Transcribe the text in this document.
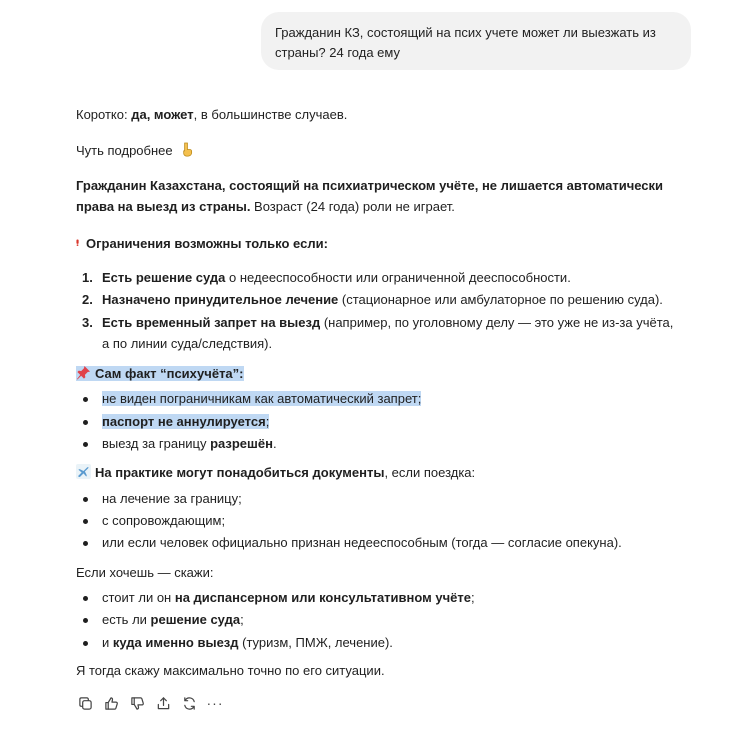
Гражданин КЗ, состоящий на псих учете может ли выезжать из
страны? 24 года ему
Коротко: да, может, в большинстве случаев.
Чуть подробнее
Гражданин Казахстана, состоящий на психиатрическом учёте, не лишается автоматически права на выезд из страны. Возраст (24 года) роли не играет.
Ограничения возможны только если:
1. Есть решение суда о недееспособности или ограниченной дееспособности.
2. Назначено принудительное лечение (стационарное или амбулаторное по решению суда).
3. Есть временный запрет на выезд (например, по уголовному делу — это уже не из-за учёта, а по линии суда/следствия).
Сам факт “психучёта”:
не виден пограничникам как автоматический запрет;
паспорт не аннулируется;
выезд за границу разрешён.
На практике могут понадобиться документы, если поездка:
на лечение за границу;
с сопровождающим;
или если человек официально признан недееспособным (тогда — согласие опекуна).
Если хочешь — скажи:
стоит ли он на диспансерном или консультативном учёте;
есть ли решение суда;
и куда именно выезд (туризм, ПМЖ, лечение).
Я тогда скажу максимально точно по его ситуации.
···
